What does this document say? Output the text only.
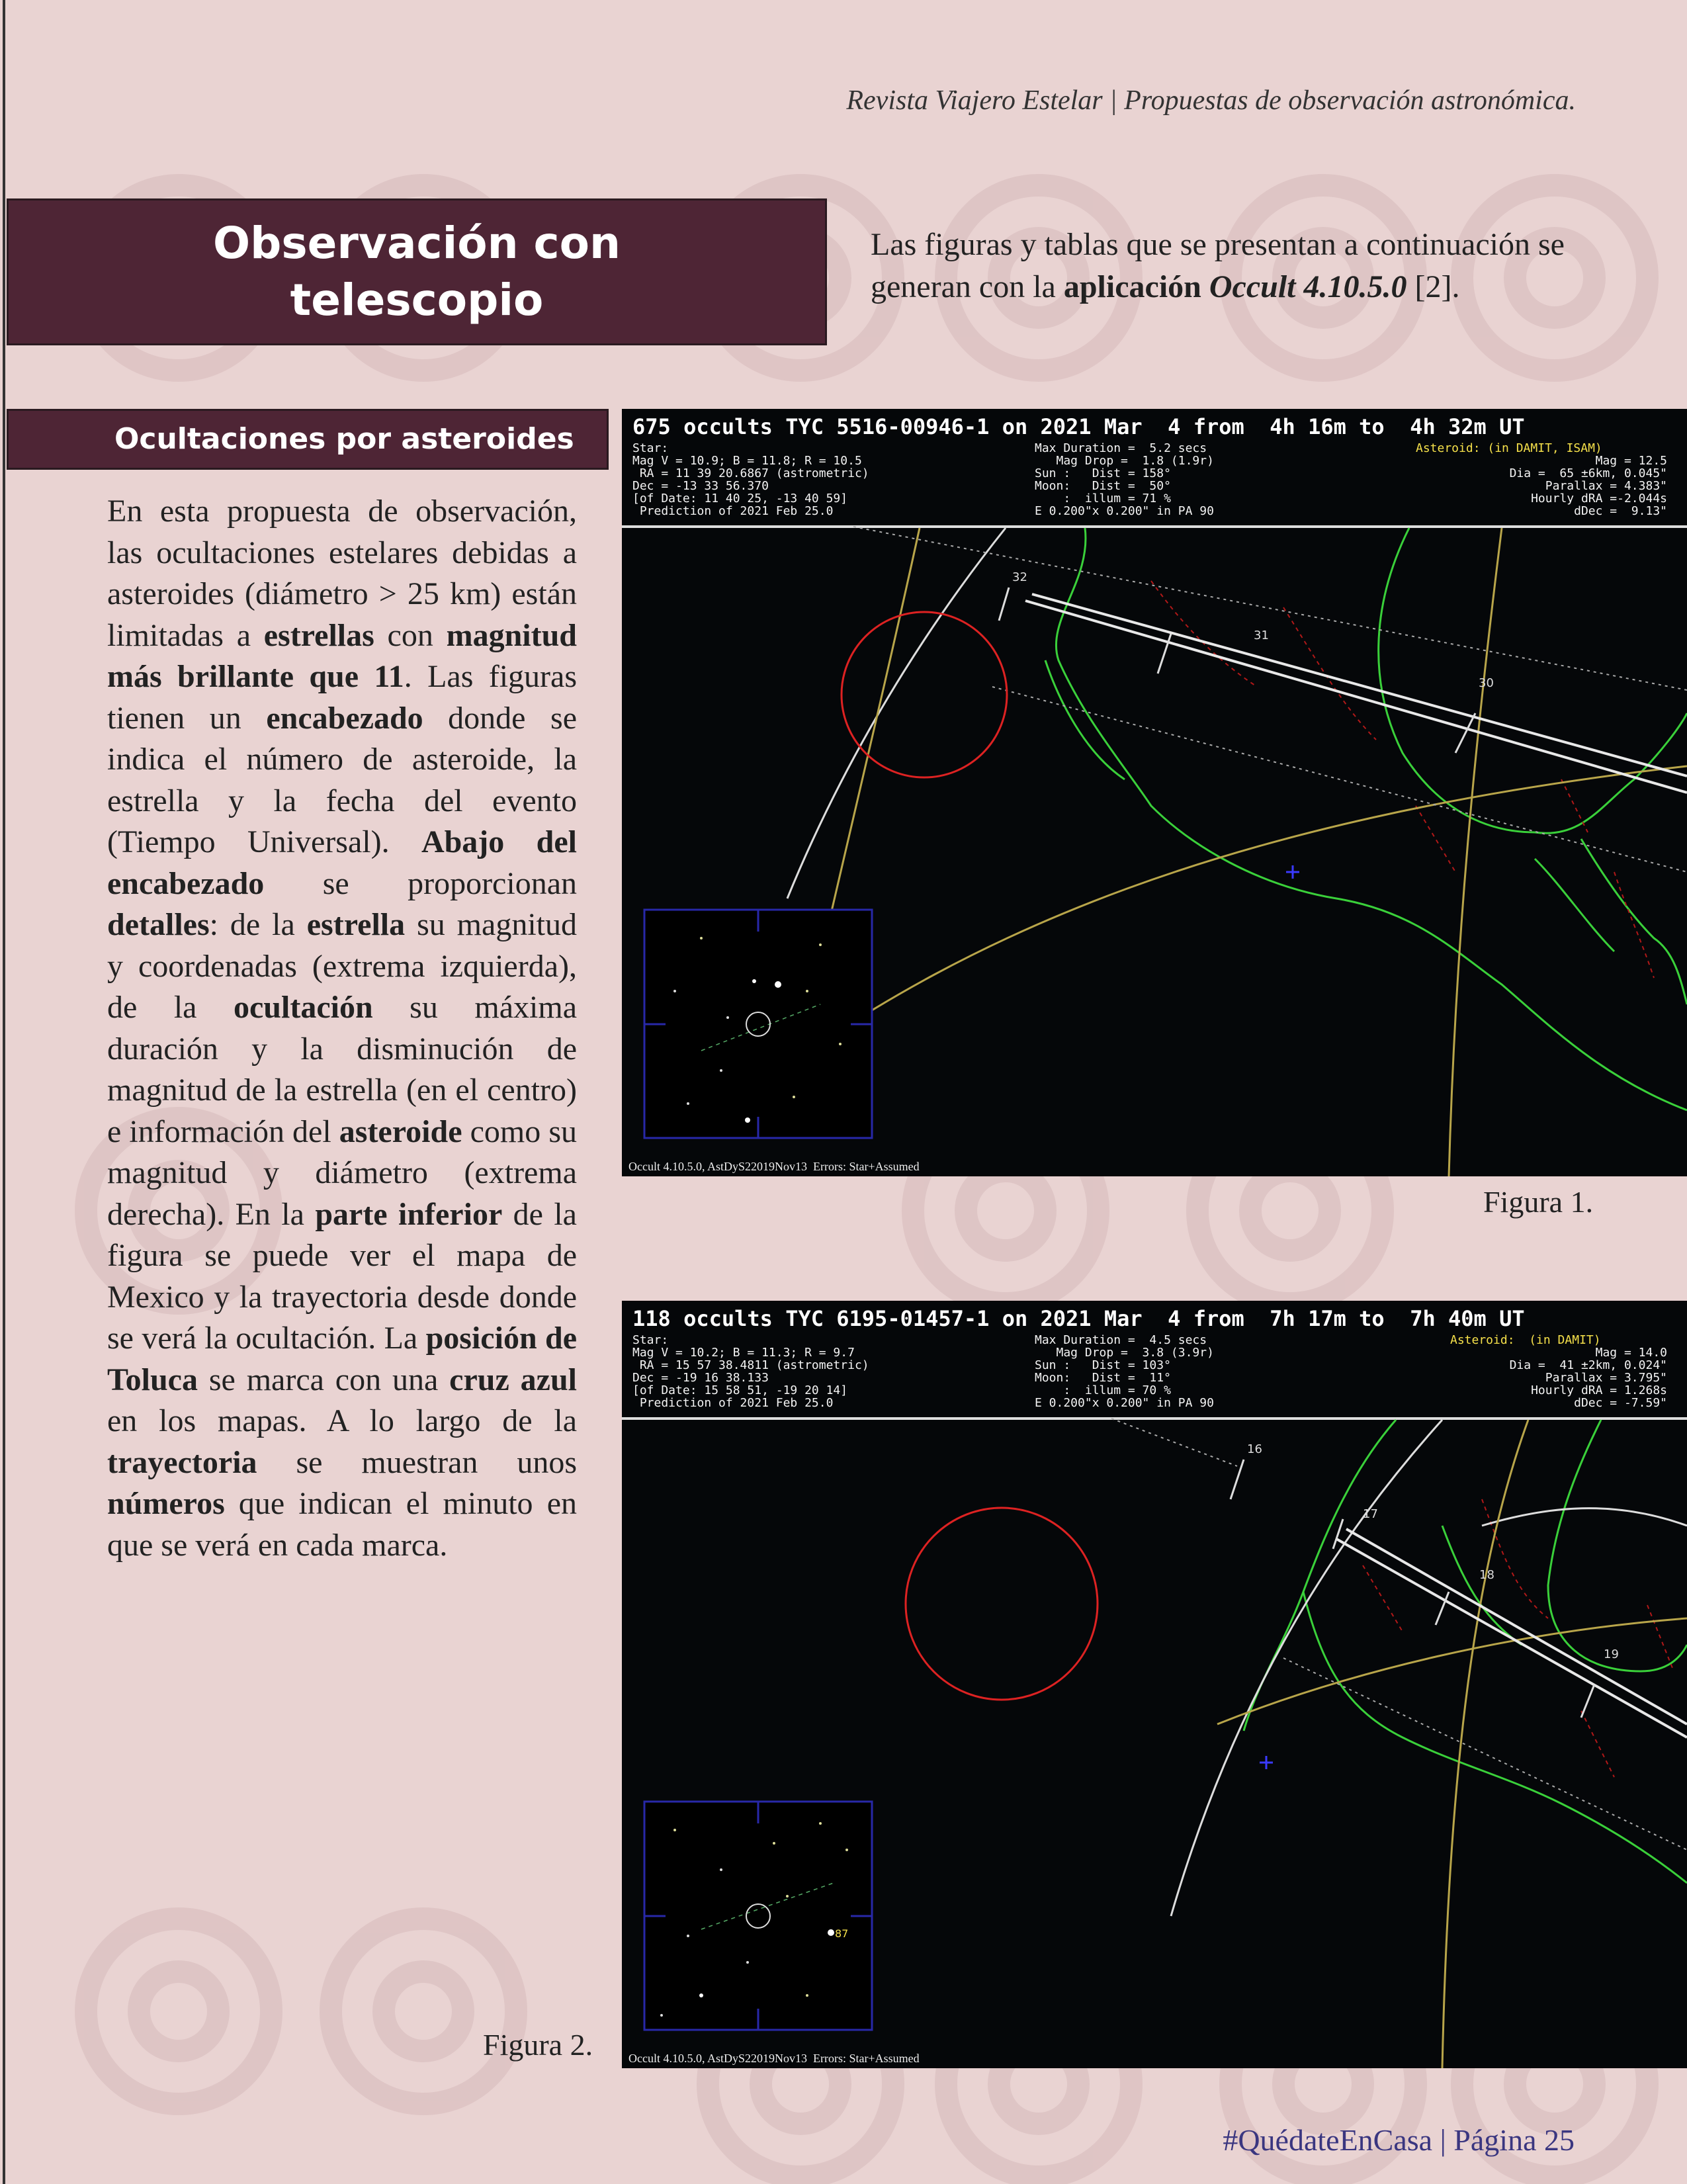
Revista Viajero Estelar | Propuestas de observación astronómica.
Observación con
telescopio
Las figuras y tablas que se presentan a continuación se generan con la aplicación Occult 4.10.5.0 [2].
Ocultaciones por asteroides
En esta propuesta de observación, las ocultaciones estelares debidas a asteroides (diámetro > 25 km) están limitadas a estrellas con magnitud más brillante que 11. Las figuras tienen un encabezado donde se indica el número de asteroide, la estrella y la fecha del evento (Tiempo Universal). Abajo del encabezado se proporcionan detalles: de la estrella su magnitud y coordenadas (extrema izquierda), de la ocultación su máxima duración y la disminución de magnitud de la estrella (en el centro) e información del asteroide como su magnitud y diámetro (extrema derecha). En la parte inferior de la figura se puede ver el mapa de Mexico y la trayectoria desde donde se verá la ocultación. La posición de Toluca se marca con una cruz azul en los mapas. A lo largo de la trayectoria se muestran unos números que indican el minuto en que se verá en cada marca.
32
31
30
675 occults TYC 5516-00946-1 on 2021 Mar  4 from  4h 16m to  4h 32m UT
Star:
Mag V = 10.9; B = 11.8; R = 10.5
RA = 11 39 20.6867 (astrometric)
Dec = -13 33 56.370
[of Date: 11 40 25, -13 40 59]
Prediction of 2021 Feb 25.0
Max Duration =  5.2 secs
Mag Drop =  1.8 (1.9r)
Sun :   Dist = 158°
Moon:   Dist =  50°
:  illum = 71 %
E 0.200"x 0.200" in PA 90
Asteroid: (in DAMIT, ISAM)
Mag = 12.5
Dia =  65 ±6km, 0.045"
Parallax = 4.383"
Hourly dRA =-2.044s
dDec =  9.13"
Occult 4.10.5.0, AstDyS22019Nov13  Errors: Star+Assumed
Figura 1.
16
17
18
19
87
118 occults TYC 6195-01457-1 on 2021 Mar  4 from  7h 17m to  7h 40m UT
Star:
Mag V = 10.2; B = 11.3; R = 9.7
RA = 15 57 38.4811 (astrometric)
Dec = -19 16 38.133
[of Date: 15 58 51, -19 20 14]
Prediction of 2021 Feb 25.0
Max Duration =  4.5 secs
Mag Drop =  3.8 (3.9r)
Sun :   Dist = 103°
Moon:   Dist =  11°
:  illum = 70 %
E 0.200"x 0.200" in PA 90
Asteroid:  (in DAMIT)
Mag = 14.0
Dia =  41 ±2km, 0.024"
Parallax = 3.795"
Hourly dRA = 1.268s
dDec = -7.59"
Occult 4.10.5.0, AstDyS22019Nov13  Errors: Star+Assumed
Figura 2.
#QuédateEnCasa | Página 25
